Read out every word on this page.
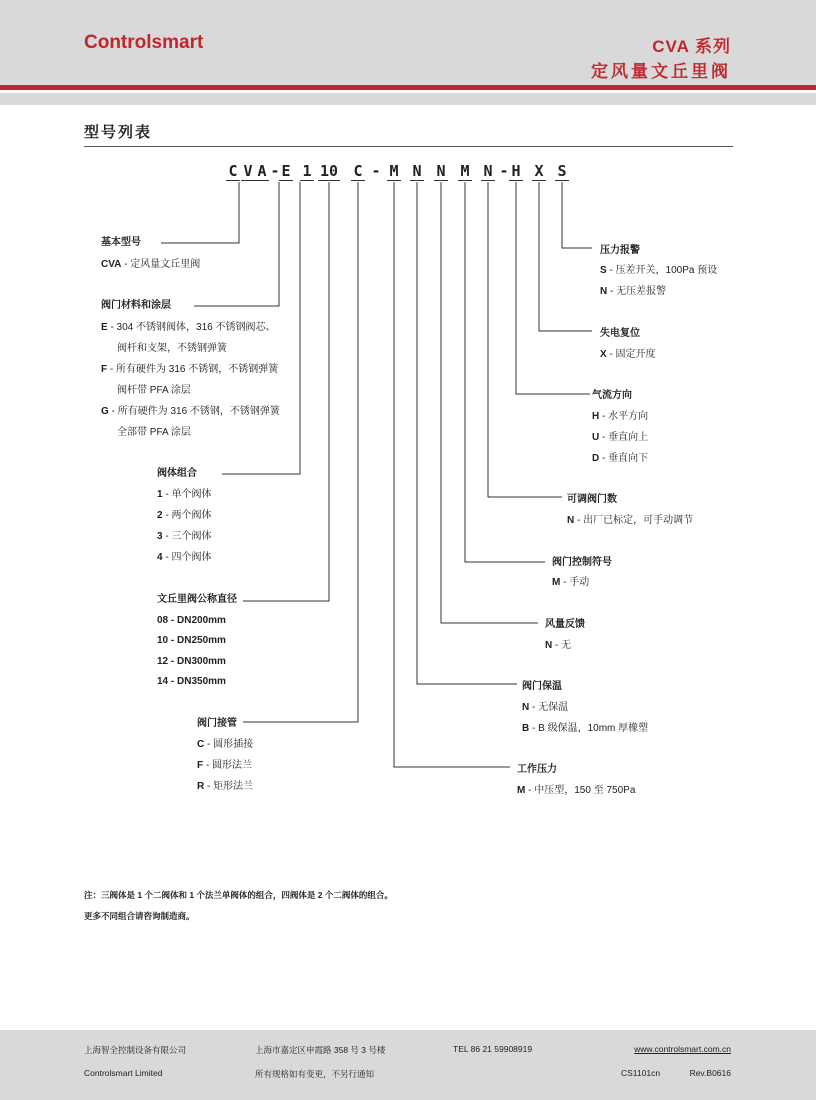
Controlsmart	CVA 系列
定风量文丘里阀
型号列表
C V A - E 1 10 C - M N N M N - H X S
基本型号
CVA - 定风量文丘里阀
阀门材料和涂层
E - 304 不锈钢阀体，316 不锈钢阀芯、
阀杆和支架，不锈钢弹簧
F - 所有硬件为 316 不锈钢，不锈钢弹簧
阀杆带 PFA 涂层
G - 所有硬件为 316 不锈钢，不锈钢弹簧
全部带 PFA 涂层
阀体组合
1 - 单个阀体
2 - 两个阀体
3 - 三个阀体
4 - 四个阀体
文丘里阀公称直径
08 - DN200mm
10 - DN250mm
12 - DN300mm
14 - DN350mm
阀门接管
C - 圆形插接
F - 圆形法兰
R - 矩形法兰
压力报警
S - 压差开关，100Pa 预设
N - 无压差报警
失电复位
X - 固定开度
气流方向
H - 水平方向
U - 垂直向上
D - 垂直向下
可调阀门数
N - 出厂已标定，可手动调节
阀门控制符号
M - 手动
风量反馈
N - 无
阀门保温
N - 无保温
B - B 级保温，10mm 厚橡塑
工作压力
M - 中压型，150 至 750Pa
注：三阀体是 1 个二阀体和 1 个法兰单阀体的组合，四阀体是 2 个二阀体的组合。
更多不同组合请咨询制造商。
上海智全控制设备有限公司	上海市嘉定区申霞路 358 号 3 号楼	TEL 86 21 59908919	www.controlsmart.com.cn
Controlsmart Limited	所有规格如有变更，不另行通知	CS1101cn	Rev.B0616
